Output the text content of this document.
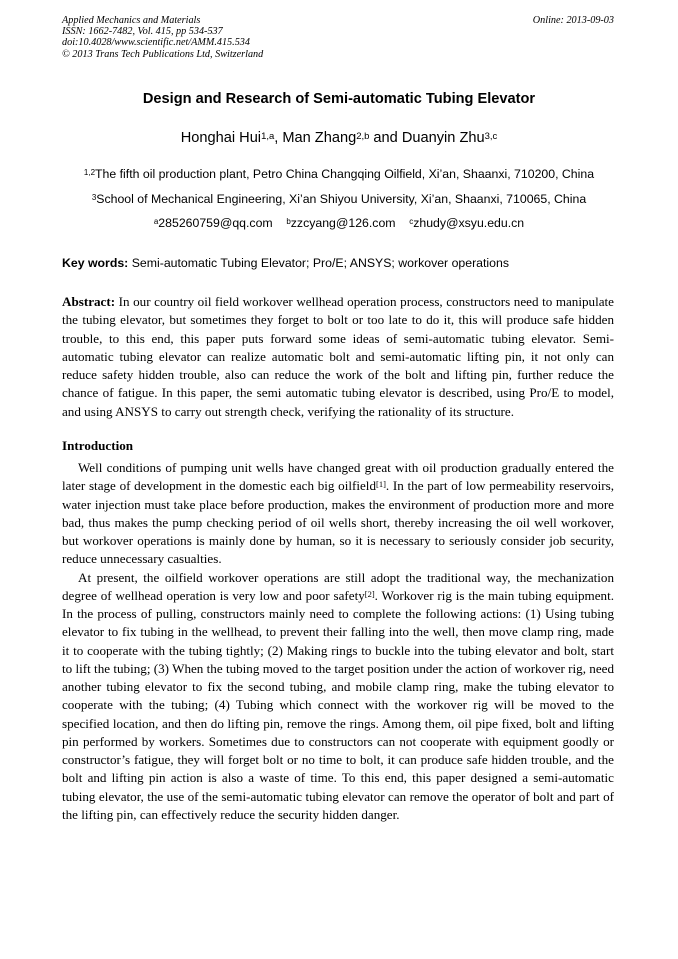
Applied Mechanics and Materials
ISSN: 1662-7482, Vol. 415, pp 534-537
doi:10.4028/www.scientific.net/AMM.415.534
© 2013 Trans Tech Publications Ltd, Switzerland
Online: 2013-09-03
Design and Research of Semi-automatic Tubing Elevator
Honghai Hui$^{1,a}$, Man Zhang$^{2,b}$ and Duanyin Zhu$^{3,c}$
$^{1,2}$The fifth oil production plant, Petro China Changqing Oilfield, Xi’an, Shaanxi, 710200, China
$^3$School of Mechanical Engineering, Xi’an Shiyou University, Xi’an, Shaanxi, 710065, China
$^a$285260759@qq.com $^b$zzcyang@126.com $^c$zhudy@xsyu.edu.cn
Key words: Semi-automatic Tubing Elevator; Pro/E; ANSYS; workover operations
Abstract: In our country oil field workover wellhead operation process, constructors need to manipulate the tubing elevator, but sometimes they forget to bolt or too late to do it, this will produce safe hidden trouble, to this end, this paper puts forward some ideas of semi-automatic tubing elevator. Semi-automatic tubing elevator can realize automatic bolt and semi-automatic lifting pin, it not only can reduce safety hidden trouble, also can reduce the work of the bolt and lifting pin, further reduce the chance of fatigue. In this paper, the semi automatic tubing elevator is described, using Pro/E to model, and using ANSYS to carry out strength check, verifying the rationality of its structure.
Introduction

Well conditions of pumping unit wells have changed great with oil production gradually entered the later stage of development in the domestic each big oilfield[1]. In the part of low permeability reservoirs, water injection must take place before production, makes the environment of production more and more bad, thus makes the pump checking period of oil wells short, thereby increasing the oil well workover, but workover operations is mainly done by human, so it is necessary to seriously consider job security, reduce unnecessary casualties.

At present, the oilfield workover operations are still adopt the traditional way, the mechanization degree of wellhead operation is very low and poor safety[2]. Workover rig is the main tubing equipment. In the process of pulling, constructors mainly need to complete the following actions: (1) Using tubing elevator to fix tubing in the wellhead, to prevent their falling into the well, then move clamp ring, made it to cooperate with the tubing tightly; (2) Making rings to buckle into the tubing elevator and bolt, start to lift the tubing; (3) When the tubing moved to the target position under the action of workover rig, need another tubing elevator to fix the second tubing, and mobile clamp ring, make the tubing elevator to cooperate with the tubing; (4) Tubing which connect with the workover rig will be moved to the specified location, and then do lifting pin, remove the rings. Among them, oil pipe fixed, bolt and lifting pin performed by workers. Sometimes due to constructors can not cooperate with equipment goodly or constructor’s fatigue, they will forget bolt or no time to bolt, it can produce safe hidden trouble, and the bolt and lifting pin action is also a waste of time. To this end, this paper designed a semi-automatic tubing elevator, the use of the semi-automatic tubing elevator can remove the operator of bolt and part of the lifting pin, can effectively reduce the security hidden danger.
